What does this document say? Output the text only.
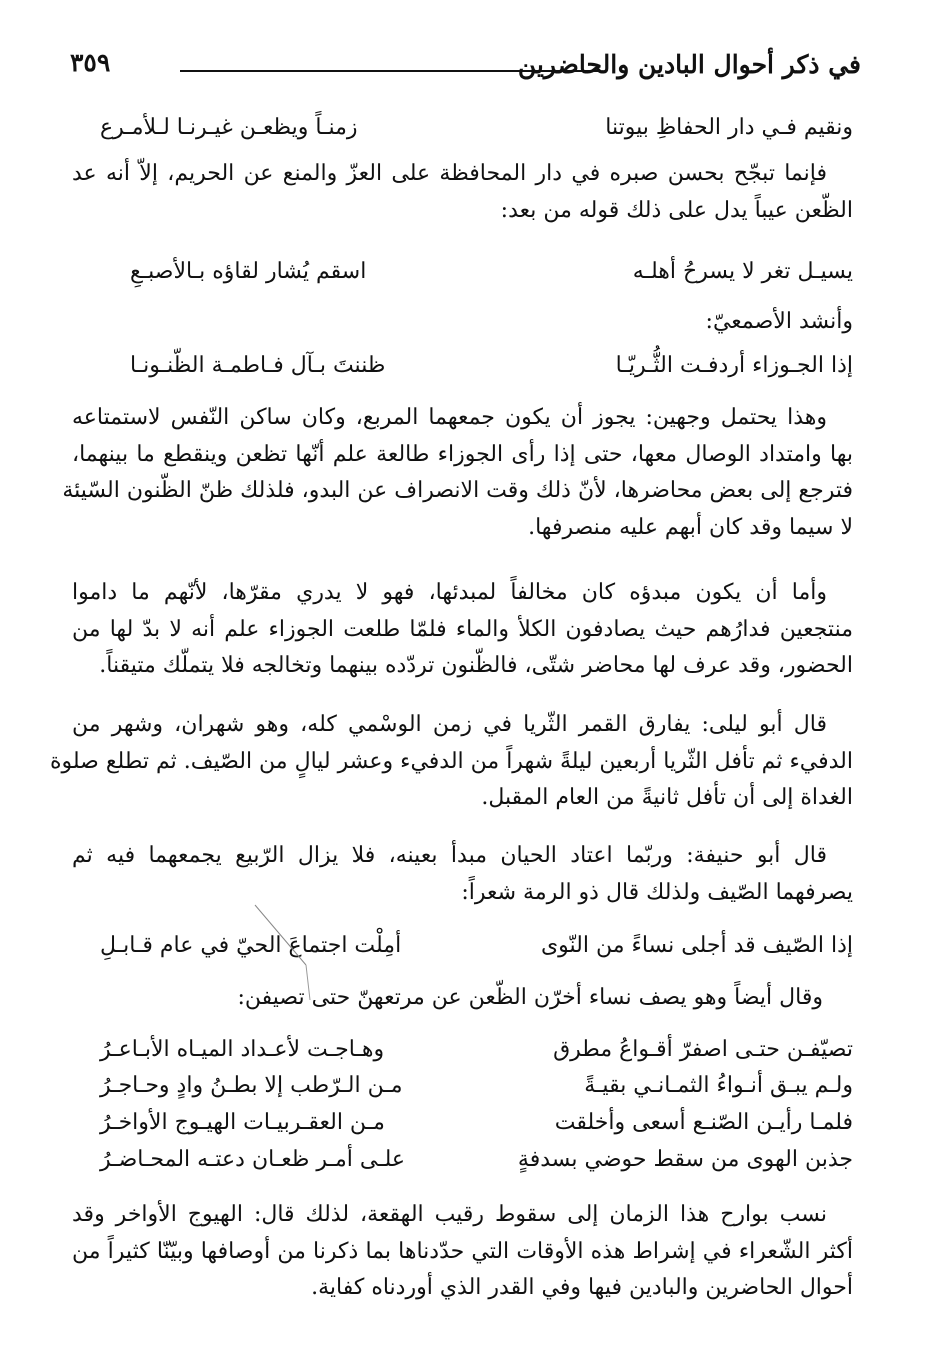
في ذكر أحوال البادين والحاضرين
٣٥٩
ونقيم فـي دار الحفاظِ بيوتنا
زمنـاً ويظعـن غيـرنـا لـلأمـرع
فإنما تبجّح بحسن صبره في دار المحافظة على العزّ والمنع عن الحريم، إلاّ أنه عد
الظّعن عيباً يدل على ذلك قوله من بعد:
يسيـل تغر لا يسرحُ أهلـه
اسقم يُشار لقاؤه بـالأصبـعِ
وأنشد الأصمعيّ:
إذا الجـوزاء أردفـت الثُّـريّـا
ظننتَ بـآل فـاطمـة الظّنـونـا
وهذا يحتمل وجهين: يجوز أن يكون جمعهما المربع، وكان ساكن النّفس لاستمتاعه
بها وامتداد الوصال معها، حتى إذا رأى الجوزاء طالعة علم أنّها تظعن وينقطع ما بينهما،
فترجع إلى بعض محاضرها، لأنّ ذلك وقت الانصراف عن البدو، فلذلك ظنّ الظّنون السّيئة
لا سيما وقد كان أبهم عليه منصرفها.
وأما أن يكون مبدؤه كان مخالفاً لمبدئها، فهو لا يدري مقرّها، لأنّهم ما داموا
منتجعين فدارُهم حيث يصادفون الكلأ والماء فلمّا طلعت الجوزاء علم أنه لا بدّ لها من
الحضور، وقد عرف لها محاضر شتّى، فالظّنون تردّده بينهما وتخالجه فلا يتملّك متيقناً.
قال أبو ليلى: يفارق القمر الثّريا في زمن الوسْمي كله، وهو شهران، وشهر من
الدفيء ثم تأفل الثّريا أربعين ليلةً شهراً من الدفيء وعشر ليالٍ من الصّيف. ثم تطلع صلوة
الغداة إلى أن تأفل ثانيةً من العام المقبل.
قال أبو حنيفة: وربّما اعتاد الحيان مبدأ بعينه، فلا يزال الرّبيع يجمعهما فيه ثم
يصرفهما الصّيف ولذلك قال ذو الرمة شعراً:
إذا الصّيف قد أجلى نساءً من النّوى
أمِلْت اجتماعَ الحيّ في عام قـابـلِ
وقال أيضاً وهو يصف نساء أخرّن الظّعن عن مرتعهنّ حتى تصيفن:
تصيّفـن حتـى اصفرّ أقـواعُ مطرق
وهـاجـت لأعـداد الميـاه الأبـاعـرُ
ولـم يبـق أنـواءُ الثمـانـي بقيـةً
مـن الـرّطب إلا بطـنُ وادٍ وحـاجـرُ
فلمـا رأيـن الصّنـع أسعى وأخلقت
مـن العقـربيـات الهيـوج الأواخـرُ
جذبن الهوى من سقط حوضي بسدفةٍ
علـى أمـر ظعـان دعتـه المحـاضـرُ
نسب بوارح هذا الزمان إلى سقوط رقيب الهقعة، لذلك قال: الهيوج الأواخر وقد
أكثر الشّعراء في إشراط هذه الأوقات التي حدّدناها بما ذكرنا من أوصافها وبيّنّا كثيراً من
أحوال الحاضرين والبادين فيها وفي القدر الذي أوردناه كفاية.
